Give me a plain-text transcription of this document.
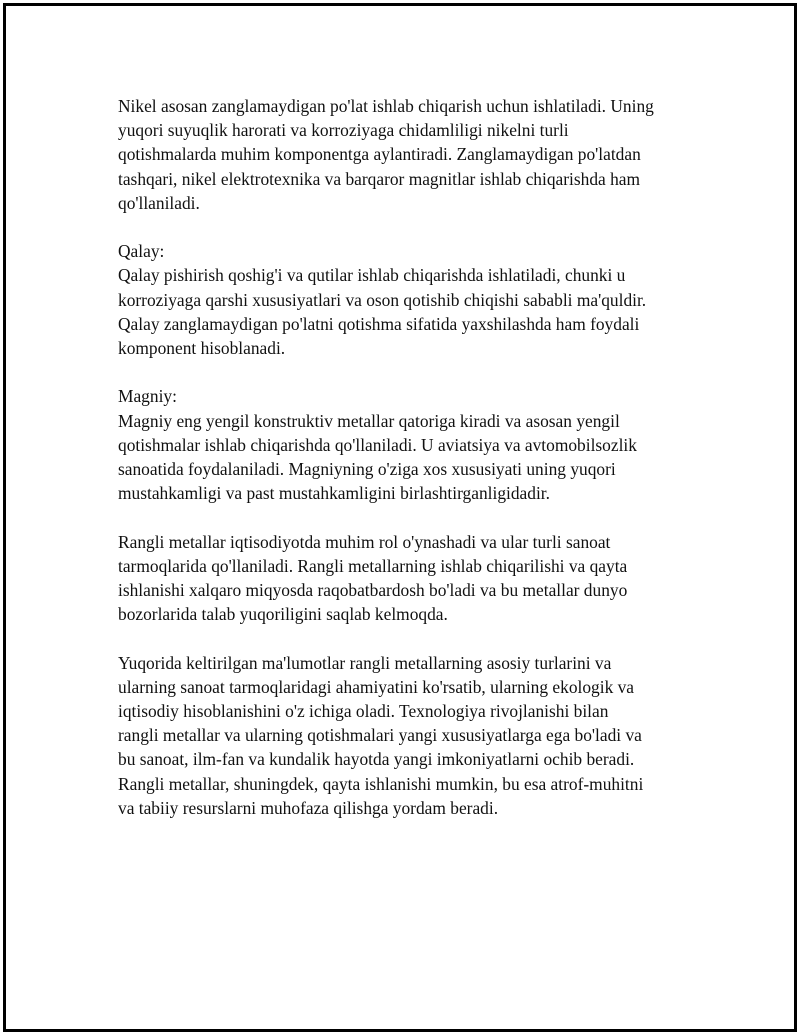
Nikel asosan zanglamaydigan po'lat ishlab chiqarish uchun ishlatiladi. Uning
yuqori suyuqlik harorati va korroziyaga chidamliligi nikelni turli
qotishmalarda muhim komponentga aylantiradi. Zanglamaydigan po'latdan
tashqari, nikel elektrotexnika va barqaror magnitlar ishlab chiqarishda ham
qo'llaniladi.

Qalay:

Qalay pishirish qoshig'i va qutilar ishlab chiqarishda ishlatiladi, chunki u
korroziyaga qarshi xususiyatlari va oson qotishib chiqishi sababli ma'quldir.
Qalay zanglamaydigan po'latni qotishma sifatida yaxshilashda ham foydali
komponent hisoblanadi.

Magniy:

Magniy eng yengil konstruktiv metallar qatoriga kiradi va asosan yengil
qotishmalar ishlab chiqarishda qo'llaniladi. U aviatsiya va avtomobilsozlik
sanoatida foydalaniladi. Magniyning o'ziga xos xususiyati uning yuqori
mustahkamligi va past mustahkamligini birlashtirganligidadir.

Rangli metallar iqtisodiyotda muhim rol o'ynashadi va ular turli sanoat
tarmoqlarida qo'llaniladi. Rangli metallarning ishlab chiqarilishi va qayta
ishlanishi xalqaro miqyosda raqobatbardosh bo'ladi va bu metallar dunyo
bozorlarida talab yuqoriligini saqlab kelmoqda.

Yuqorida keltirilgan ma'lumotlar rangli metallarning asosiy turlarini va
ularning sanoat tarmoqlaridagi ahamiyatini ko'rsatib, ularning ekologik va
iqtisodiy hisoblanishini o'z ichiga oladi. Texnologiya rivojlanishi bilan
rangli metallar va ularning qotishmalari yangi xususiyatlarga ega bo'ladi va
bu sanoat, ilm-fan va kundalik hayotda yangi imkoniyatlarni ochib beradi.
Rangli metallar, shuningdek, qayta ishlanishi mumkin, bu esa atrof-muhitni
va tabiiy resurslarni muhofaza qilishga yordam beradi.
